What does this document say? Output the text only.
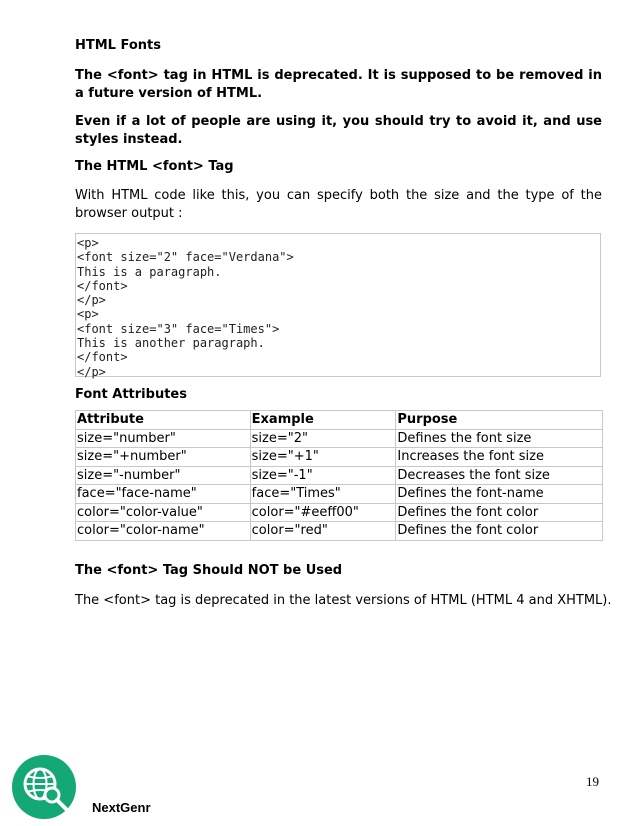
HTML Fonts
The <font> tag in HTML is deprecated. It is supposed to be removed in a future version of HTML.
Even if a lot of people are using it, you should try to avoid it, and use styles instead.
The HTML <font> Tag
With HTML code like this, you can specify both the size and the type of the browser output :
<p>
<font size="2" face="Verdana">
This is a paragraph.
</font>
</p>
<p>
<font size="3" face="Times">
This is another paragraph.
</font>
</p>
Font Attributes
Attribute	Example	Purpose
size="number"	size="2"	Defines the font size
size="+number"	size="+1"	Increases the font size
size="-number"	size="-1"	Decreases the font size
face="face-name"	face="Times"	Defines the font-name
color="color-value"	color="#eeff00"	Defines the font color
color="color-name"	color="red"	Defines the font color
The <font> Tag Should NOT be Used
The <font> tag is deprecated in the latest versions of HTML (HTML 4 and XHTML).
19
NextGenr
